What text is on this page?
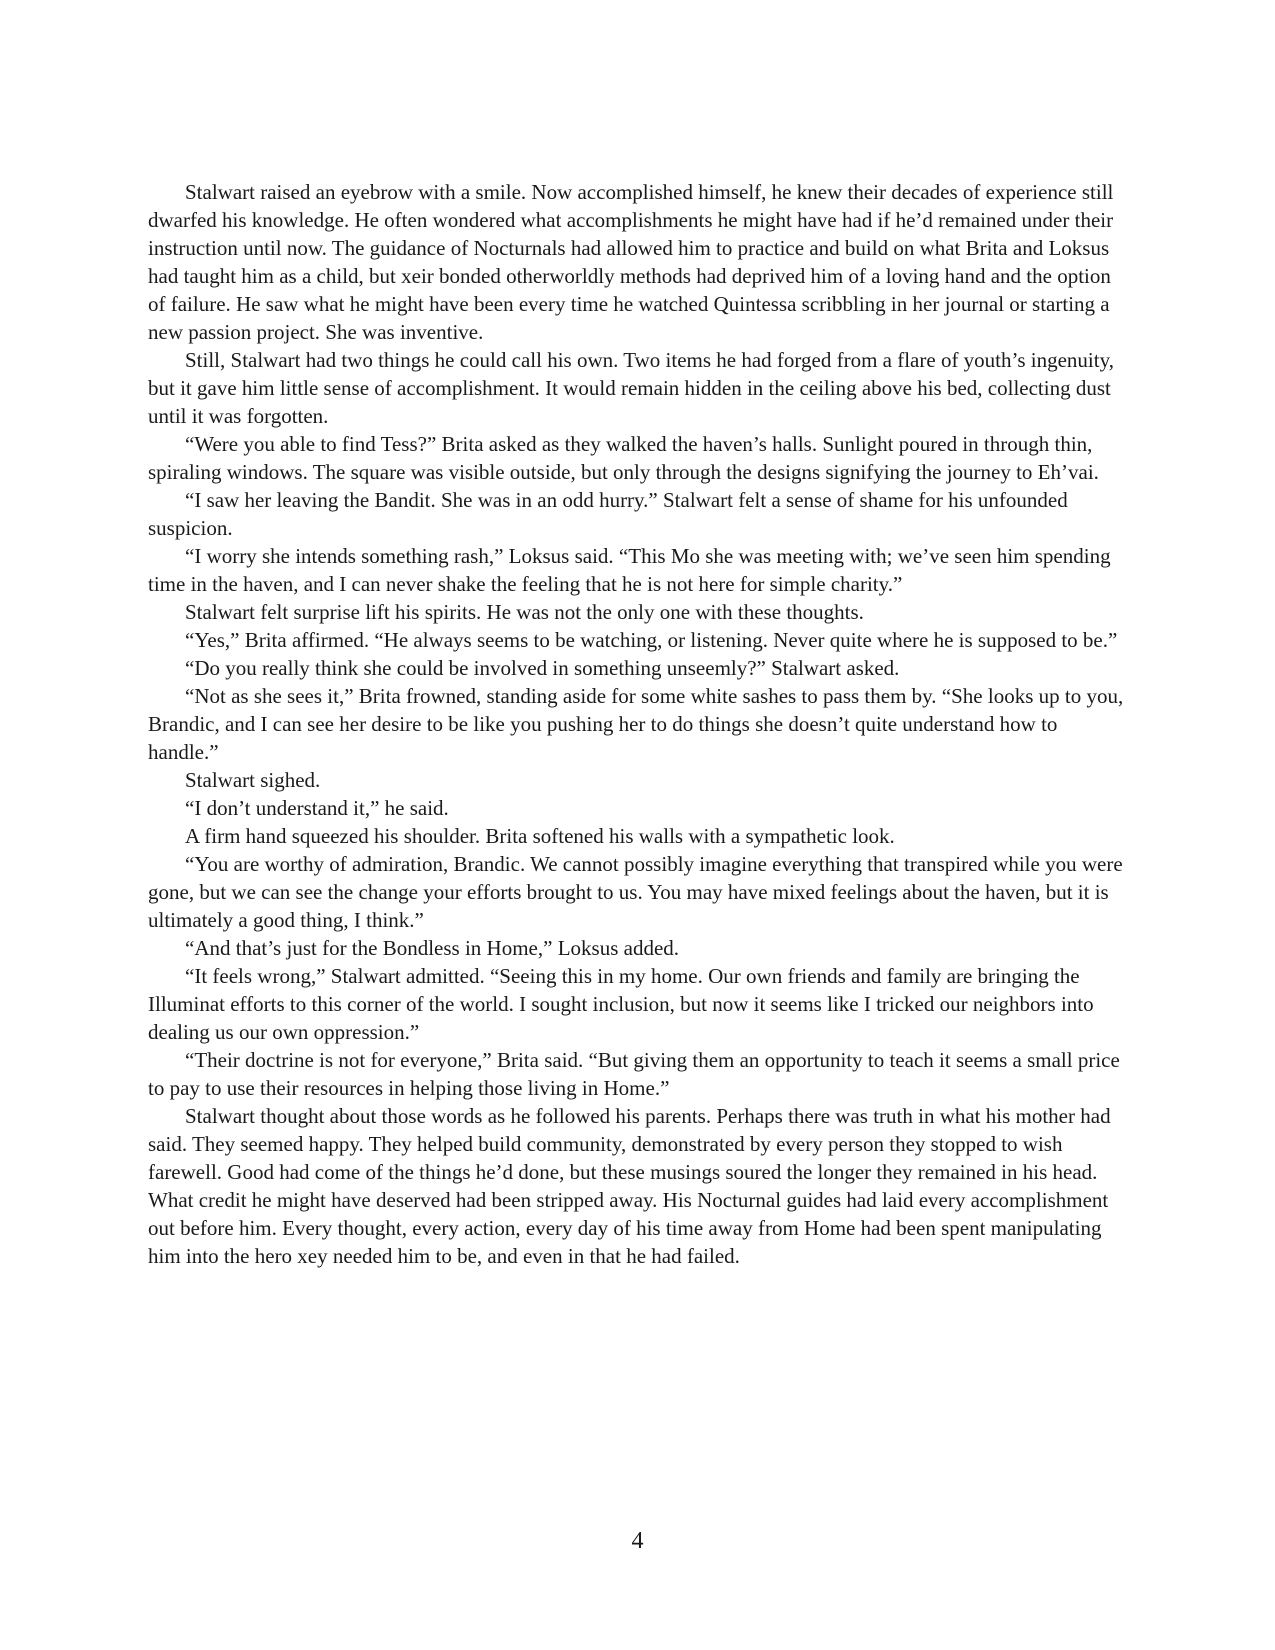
Stalwart raised an eyebrow with a smile. Now accomplished himself, he knew their decades of experience still dwarfed his knowledge. He often wondered what accomplishments he might have had if he’d remained under their instruction until now. The guidance of Nocturnals had allowed him to practice and build on what Brita and Loksus had taught him as a child, but xeir bonded otherworldly methods had deprived him of a loving hand and the option of failure. He saw what he might have been every time he watched Quintessa scribbling in her journal or starting a new passion project. She was inventive.

Still, Stalwart had two things he could call his own. Two items he had forged from a flare of youth’s ingenuity, but it gave him little sense of accomplishment. It would remain hidden in the ceiling above his bed, collecting dust until it was forgotten.

“Were you able to find Tess?” Brita asked as they walked the haven’s halls. Sunlight poured in through thin, spiraling windows. The square was visible outside, but only through the designs signifying the journey to Eh’vai.

“I saw her leaving the Bandit. She was in an odd hurry.” Stalwart felt a sense of shame for his unfounded suspicion.

“I worry she intends something rash,” Loksus said. “This Mo she was meeting with; we’ve seen him spending time in the haven, and I can never shake the feeling that he is not here for simple charity.”

Stalwart felt surprise lift his spirits. He was not the only one with these thoughts.

“Yes,” Brita affirmed. “He always seems to be watching, or listening. Never quite where he is supposed to be.”

“Do you really think she could be involved in something unseemly?” Stalwart asked.

“Not as she sees it,” Brita frowned, standing aside for some white sashes to pass them by. “She looks up to you, Brandic, and I can see her desire to be like you pushing her to do things she doesn’t quite understand how to handle.”

Stalwart sighed.

“I don’t understand it,” he said.

A firm hand squeezed his shoulder. Brita softened his walls with a sympathetic look.

“You are worthy of admiration, Brandic. We cannot possibly imagine everything that transpired while you were gone, but we can see the change your efforts brought to us. You may have mixed feelings about the haven, but it is ultimately a good thing, I think.”

“And that’s just for the Bondless in Home,” Loksus added.

“It feels wrong,” Stalwart admitted. “Seeing this in my home. Our own friends and family are bringing the Illuminat efforts to this corner of the world. I sought inclusion, but now it seems like I tricked our neighbors into dealing us our own oppression.”

“Their doctrine is not for everyone,” Brita said. “But giving them an opportunity to teach it seems a small price to pay to use their resources in helping those living in Home.”

Stalwart thought about those words as he followed his parents. Perhaps there was truth in what his mother had said. They seemed happy. They helped build community, demonstrated by every person they stopped to wish farewell. Good had come of the things he’d done, but these musings soured the longer they remained in his head. What credit he might have deserved had been stripped away. His Nocturnal guides had laid every accomplishment out before him. Every thought, every action, every day of his time away from Home had been spent manipulating him into the hero xey needed him to be, and even in that he had failed.

4
